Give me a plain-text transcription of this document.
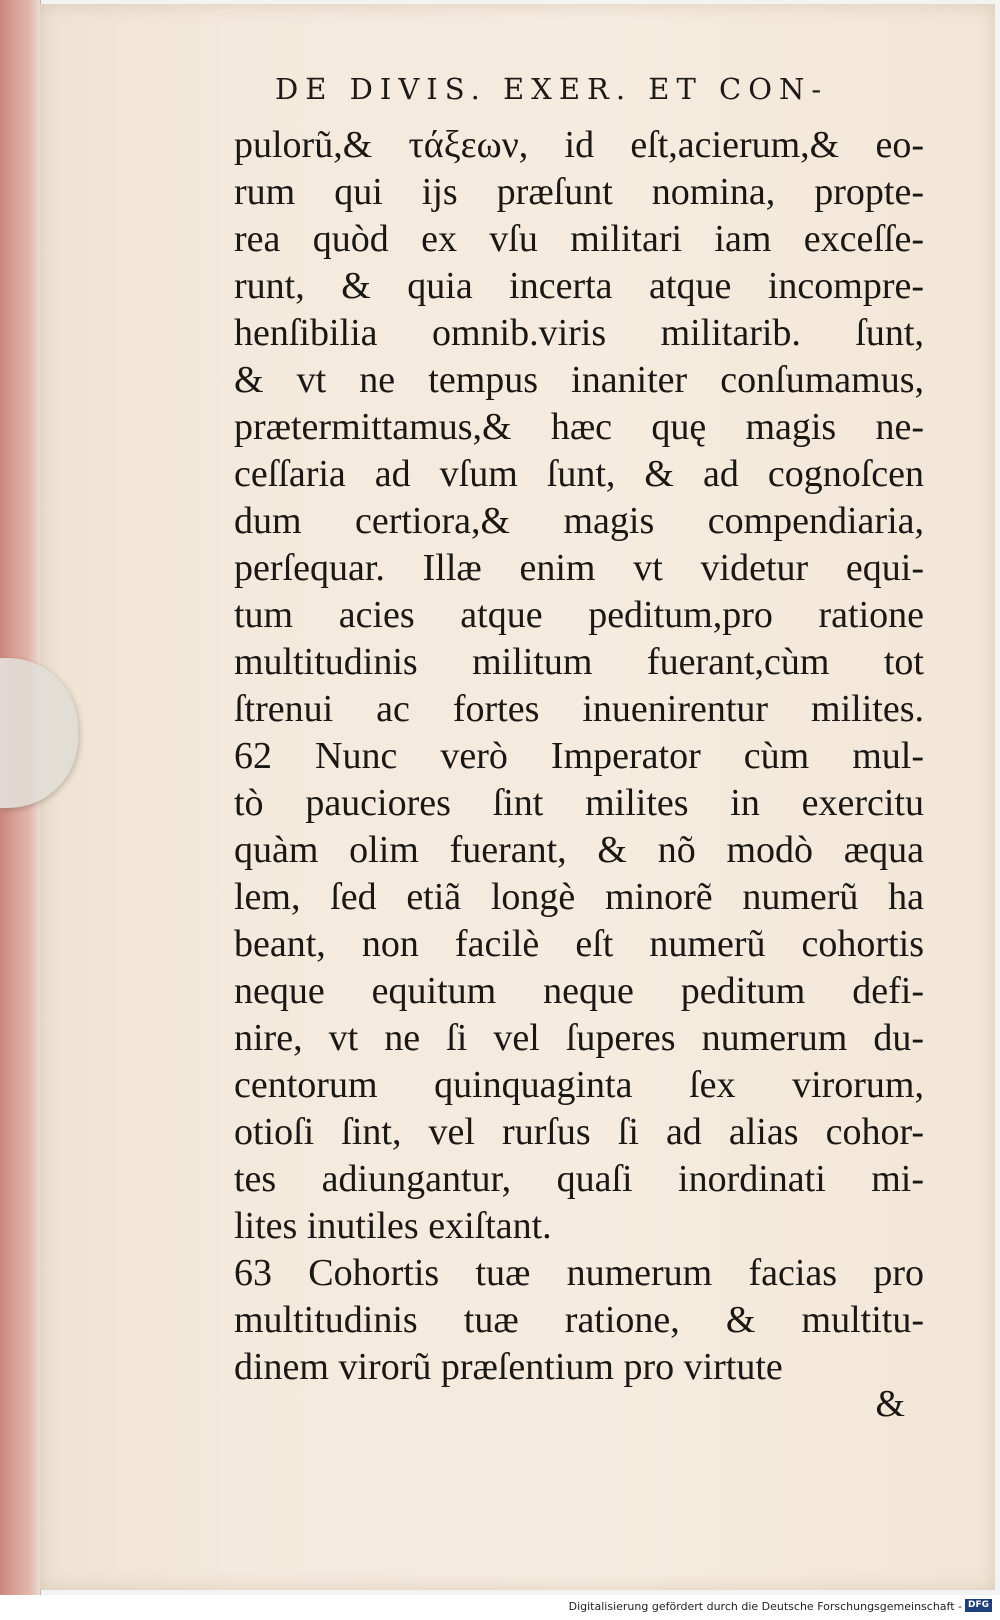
DE DIVIS. EXER. ET CON-
pulorũ,& τάξεων, id eſt,acierum,& eo-
rum qui ijs præſunt nomina, propte-
rea quòd ex vſu militari iam exceſſe-
runt, & quia incerta atque incompre-
henſibilia omnib.viris militarib. ſunt,
& vt ne tempus inaniter conſumamus,
prætermittamus,& hæc quę magis ne-
ceſſaria ad vſum ſunt, & ad cognoſcen
dum certiora,& magis compendiaria,
perſequar. Illæ enim vt videtur equi-
tum acies atque peditum,pro ratione
multitudinis militum fuerant,cùm tot
ſtrenui ac fortes inuenirentur milites.
62 Nunc verò Imperator cùm mul-
tò pauciores ſint milites in exercitu
quàm olim fuerant, & nõ modò æqua
lem, ſed etiã longè minorẽ numerũ ha
beant, non facilè eſt numerũ cohortis
neque equitum neque peditum defi-
nire, vt ne ſi vel ſuperes numerum du-
centorum quinquaginta ſex virorum,
otioſi ſint, vel rurſus ſi ad alias cohor-
tes adiungantur, quaſi inordinati mi-
lites inutiles exiſtant.
63 Cohortis tuæ numerum facias pro
multitudinis tuæ ratione, & multitu-
dinem virorũ præſentium pro virtute
&
Digitalisierung gefördert durch die Deutsche Forschungsgemeinschaft - DFG
